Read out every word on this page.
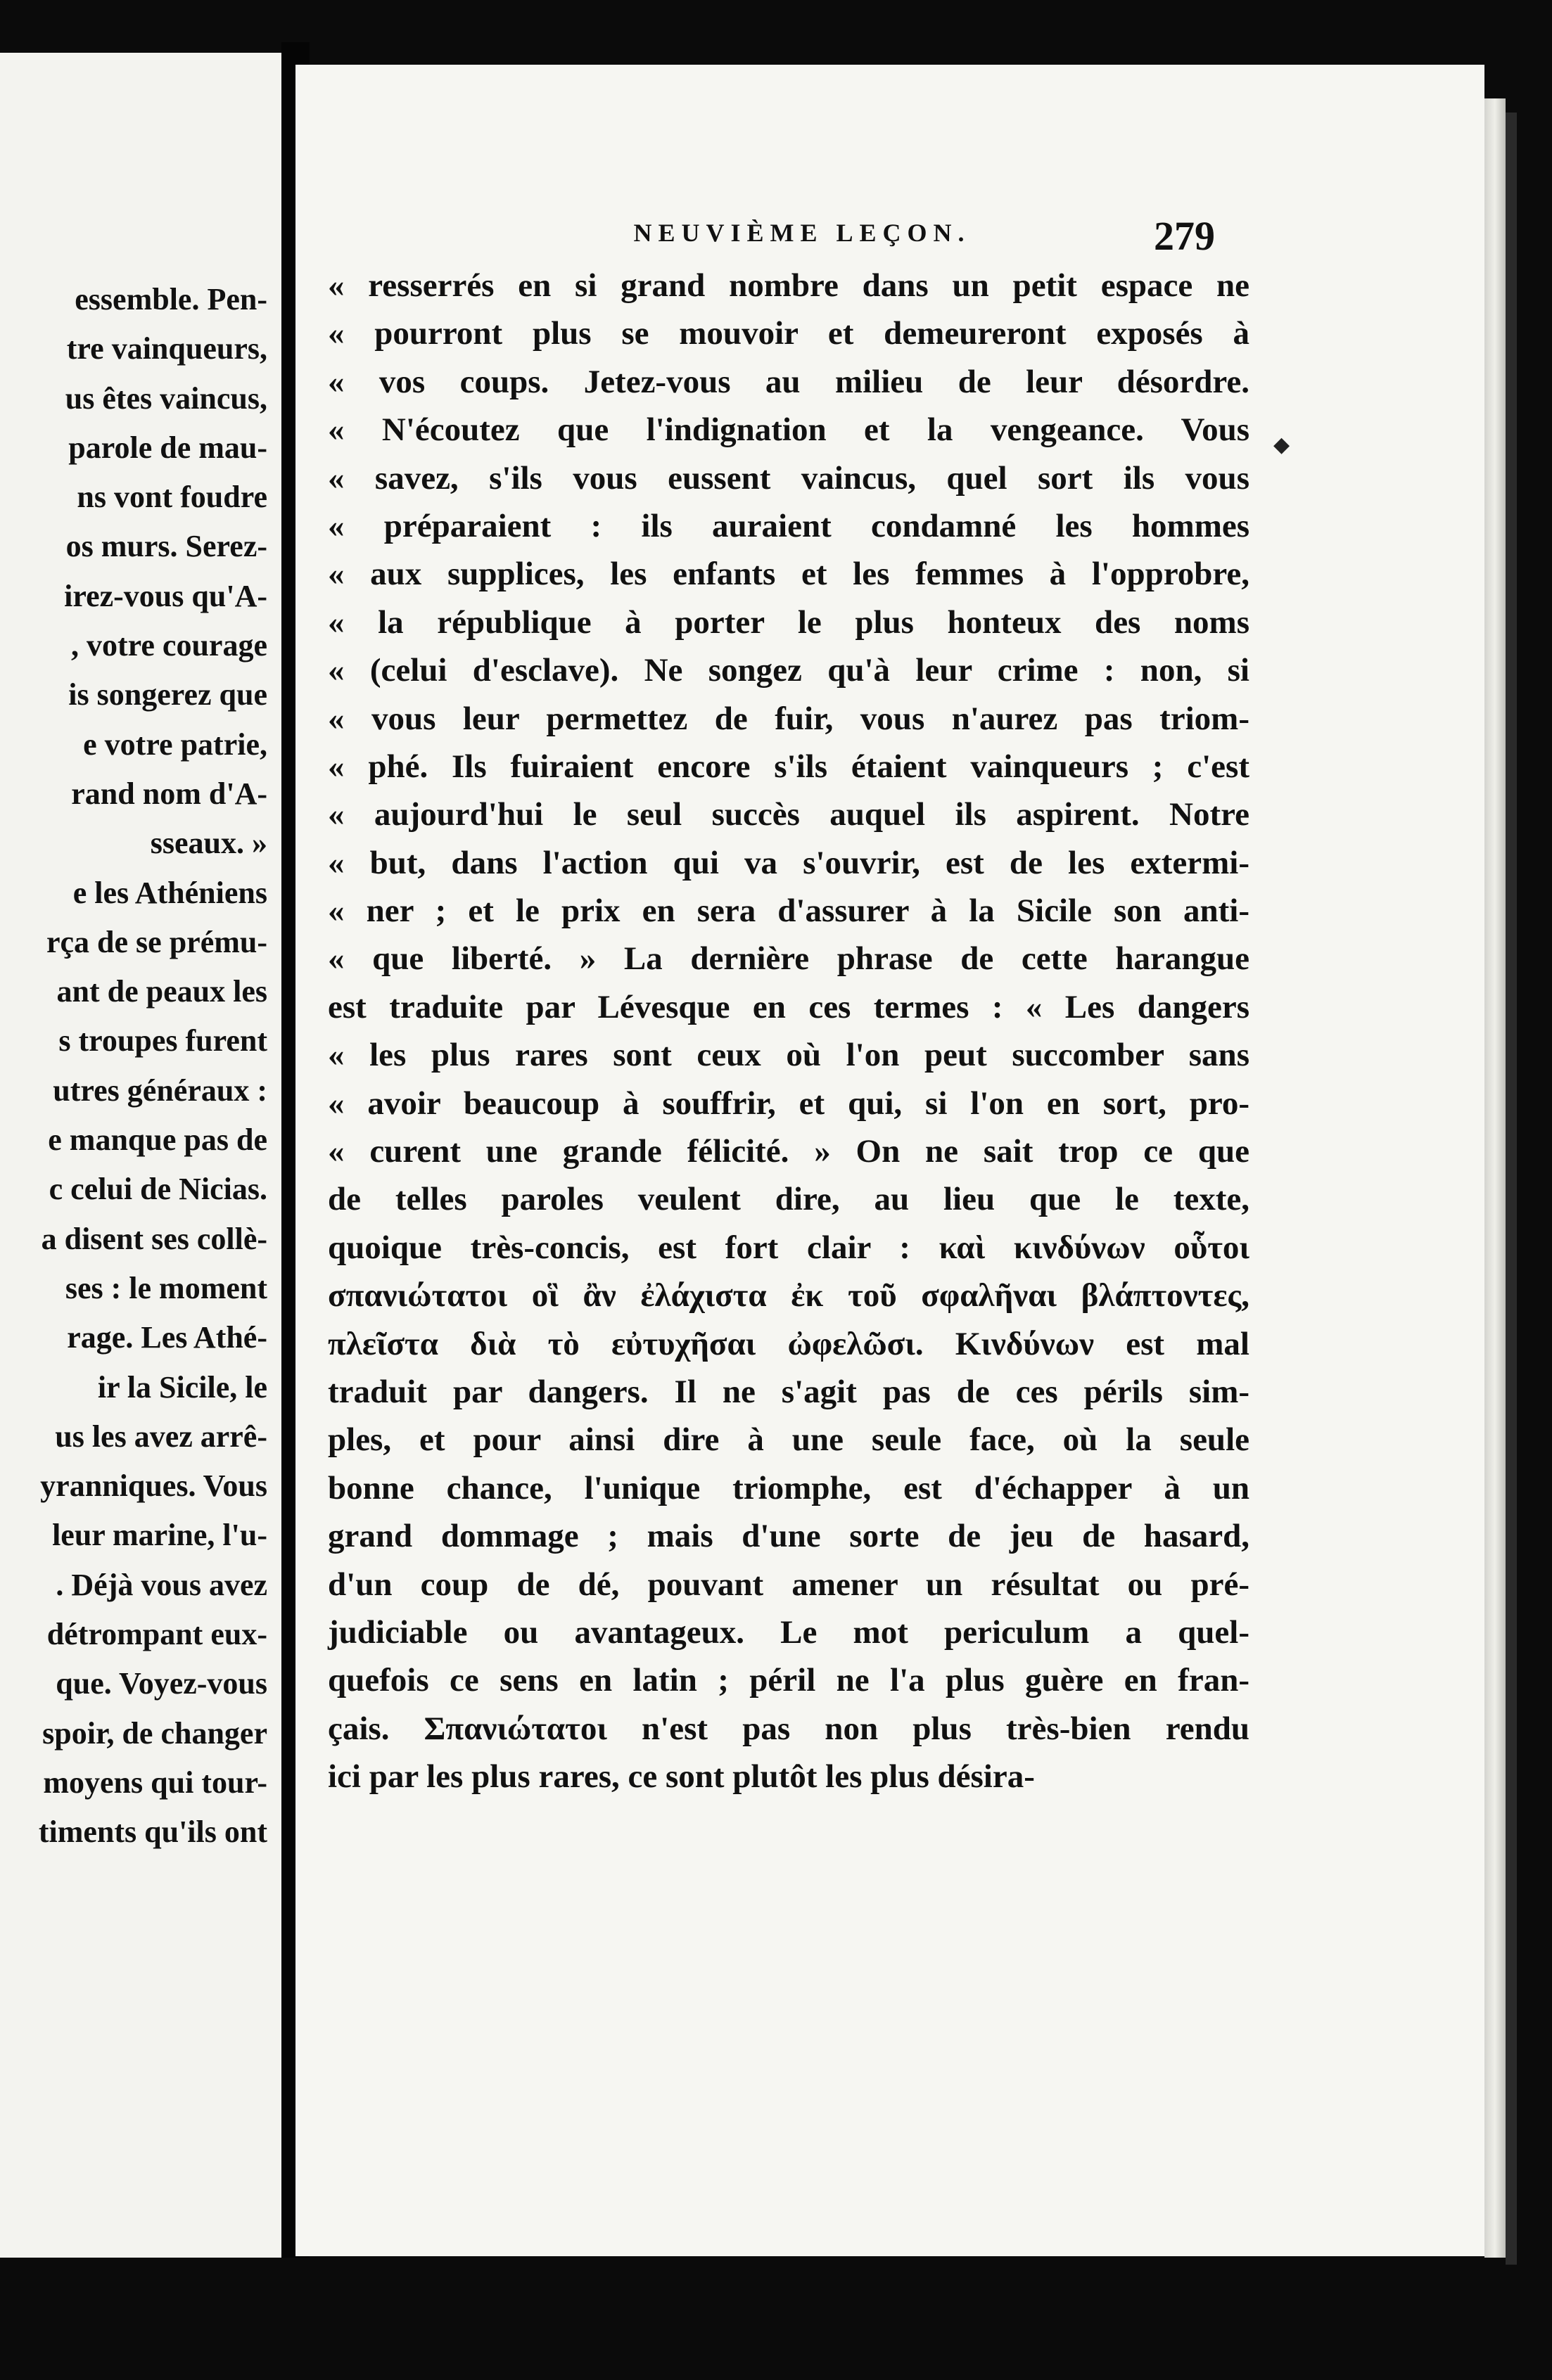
essemble. Pen-
tre vainqueurs,
us êtes vaincus,
parole de mau-
ns vont foudre
os murs. Serez-
irez-vous qu'A-
, votre courage
is songerez que
e votre patrie,
rand nom d'A-
sseaux. »
e les Athéniens
rça de se prému-
ant de peaux les
s troupes furent
utres généraux :
e manque pas de
c celui de Nicias.
a disent ses collè-
ses : le moment
rage. Les Athé-
ir la Sicile, le
us les avez arrê-
yranniques. Vous
leur marine, l'u-
. Déjà vous avez
détrompant eux-
que. Voyez-vous
spoir, de changer
moyens qui tour-
timents qu'ils ont
NEUVIÈME LEÇON.	279
◆
« resserrés en si grand nombre dans un petit espace ne
« pourront plus se mouvoir et demeureront exposés à
« vos coups. Jetez-vous au milieu de leur désordre.
« N'écoutez que l'indignation et la vengeance. Vous
« savez, s'ils vous eussent vaincus, quel sort ils vous
« préparaient : ils auraient condamné les hommes
« aux supplices, les enfants et les femmes à l'opprobre,
« la république à porter le plus honteux des noms
« (celui d'esclave). Ne songez qu'à leur crime : non, si
« vous leur permettez de fuir, vous n'aurez pas triom-
« phé. Ils fuiraient encore s'ils étaient vainqueurs ; c'est
« aujourd'hui le seul succès auquel ils aspirent. Notre
« but, dans l'action qui va s'ouvrir, est de les extermi-
« ner ; et le prix en sera d'assurer à la Sicile son anti-
« que liberté. » La dernière phrase de cette harangue
est traduite par Lévesque en ces termes : « Les dangers
« les plus rares sont ceux où l'on peut succomber sans
« avoir beaucoup à souffrir, et qui, si l'on en sort, pro-
« curent une grande félicité. » On ne sait trop ce que
de telles paroles veulent dire, au lieu que le texte,
quoique très-concis, est fort clair : καὶ κινδύνων οὗτοι
σπανιώτατοι οἳ ἂν ἐλάχιστα ἐκ τοῦ σφαλῆναι βλάπτοντες,
πλεῖστα διὰ τὸ εὐτυχῆσαι ὠφελῶσι. Κινδύνων est mal
traduit par dangers. Il ne s'agit pas de ces périls sim-
ples, et pour ainsi dire à une seule face, où la seule
bonne chance, l'unique triomphe, est d'échapper à un
grand dommage ; mais d'une sorte de jeu de hasard,
d'un coup de dé, pouvant amener un résultat ou pré-
judiciable ou avantageux. Le mot periculum a quel-
quefois ce sens en latin ; péril ne l'a plus guère en fran-
çais. Σπανιώτατοι n'est pas non plus très-bien rendu
ici par les plus rares, ce sont plutôt les plus désira-
